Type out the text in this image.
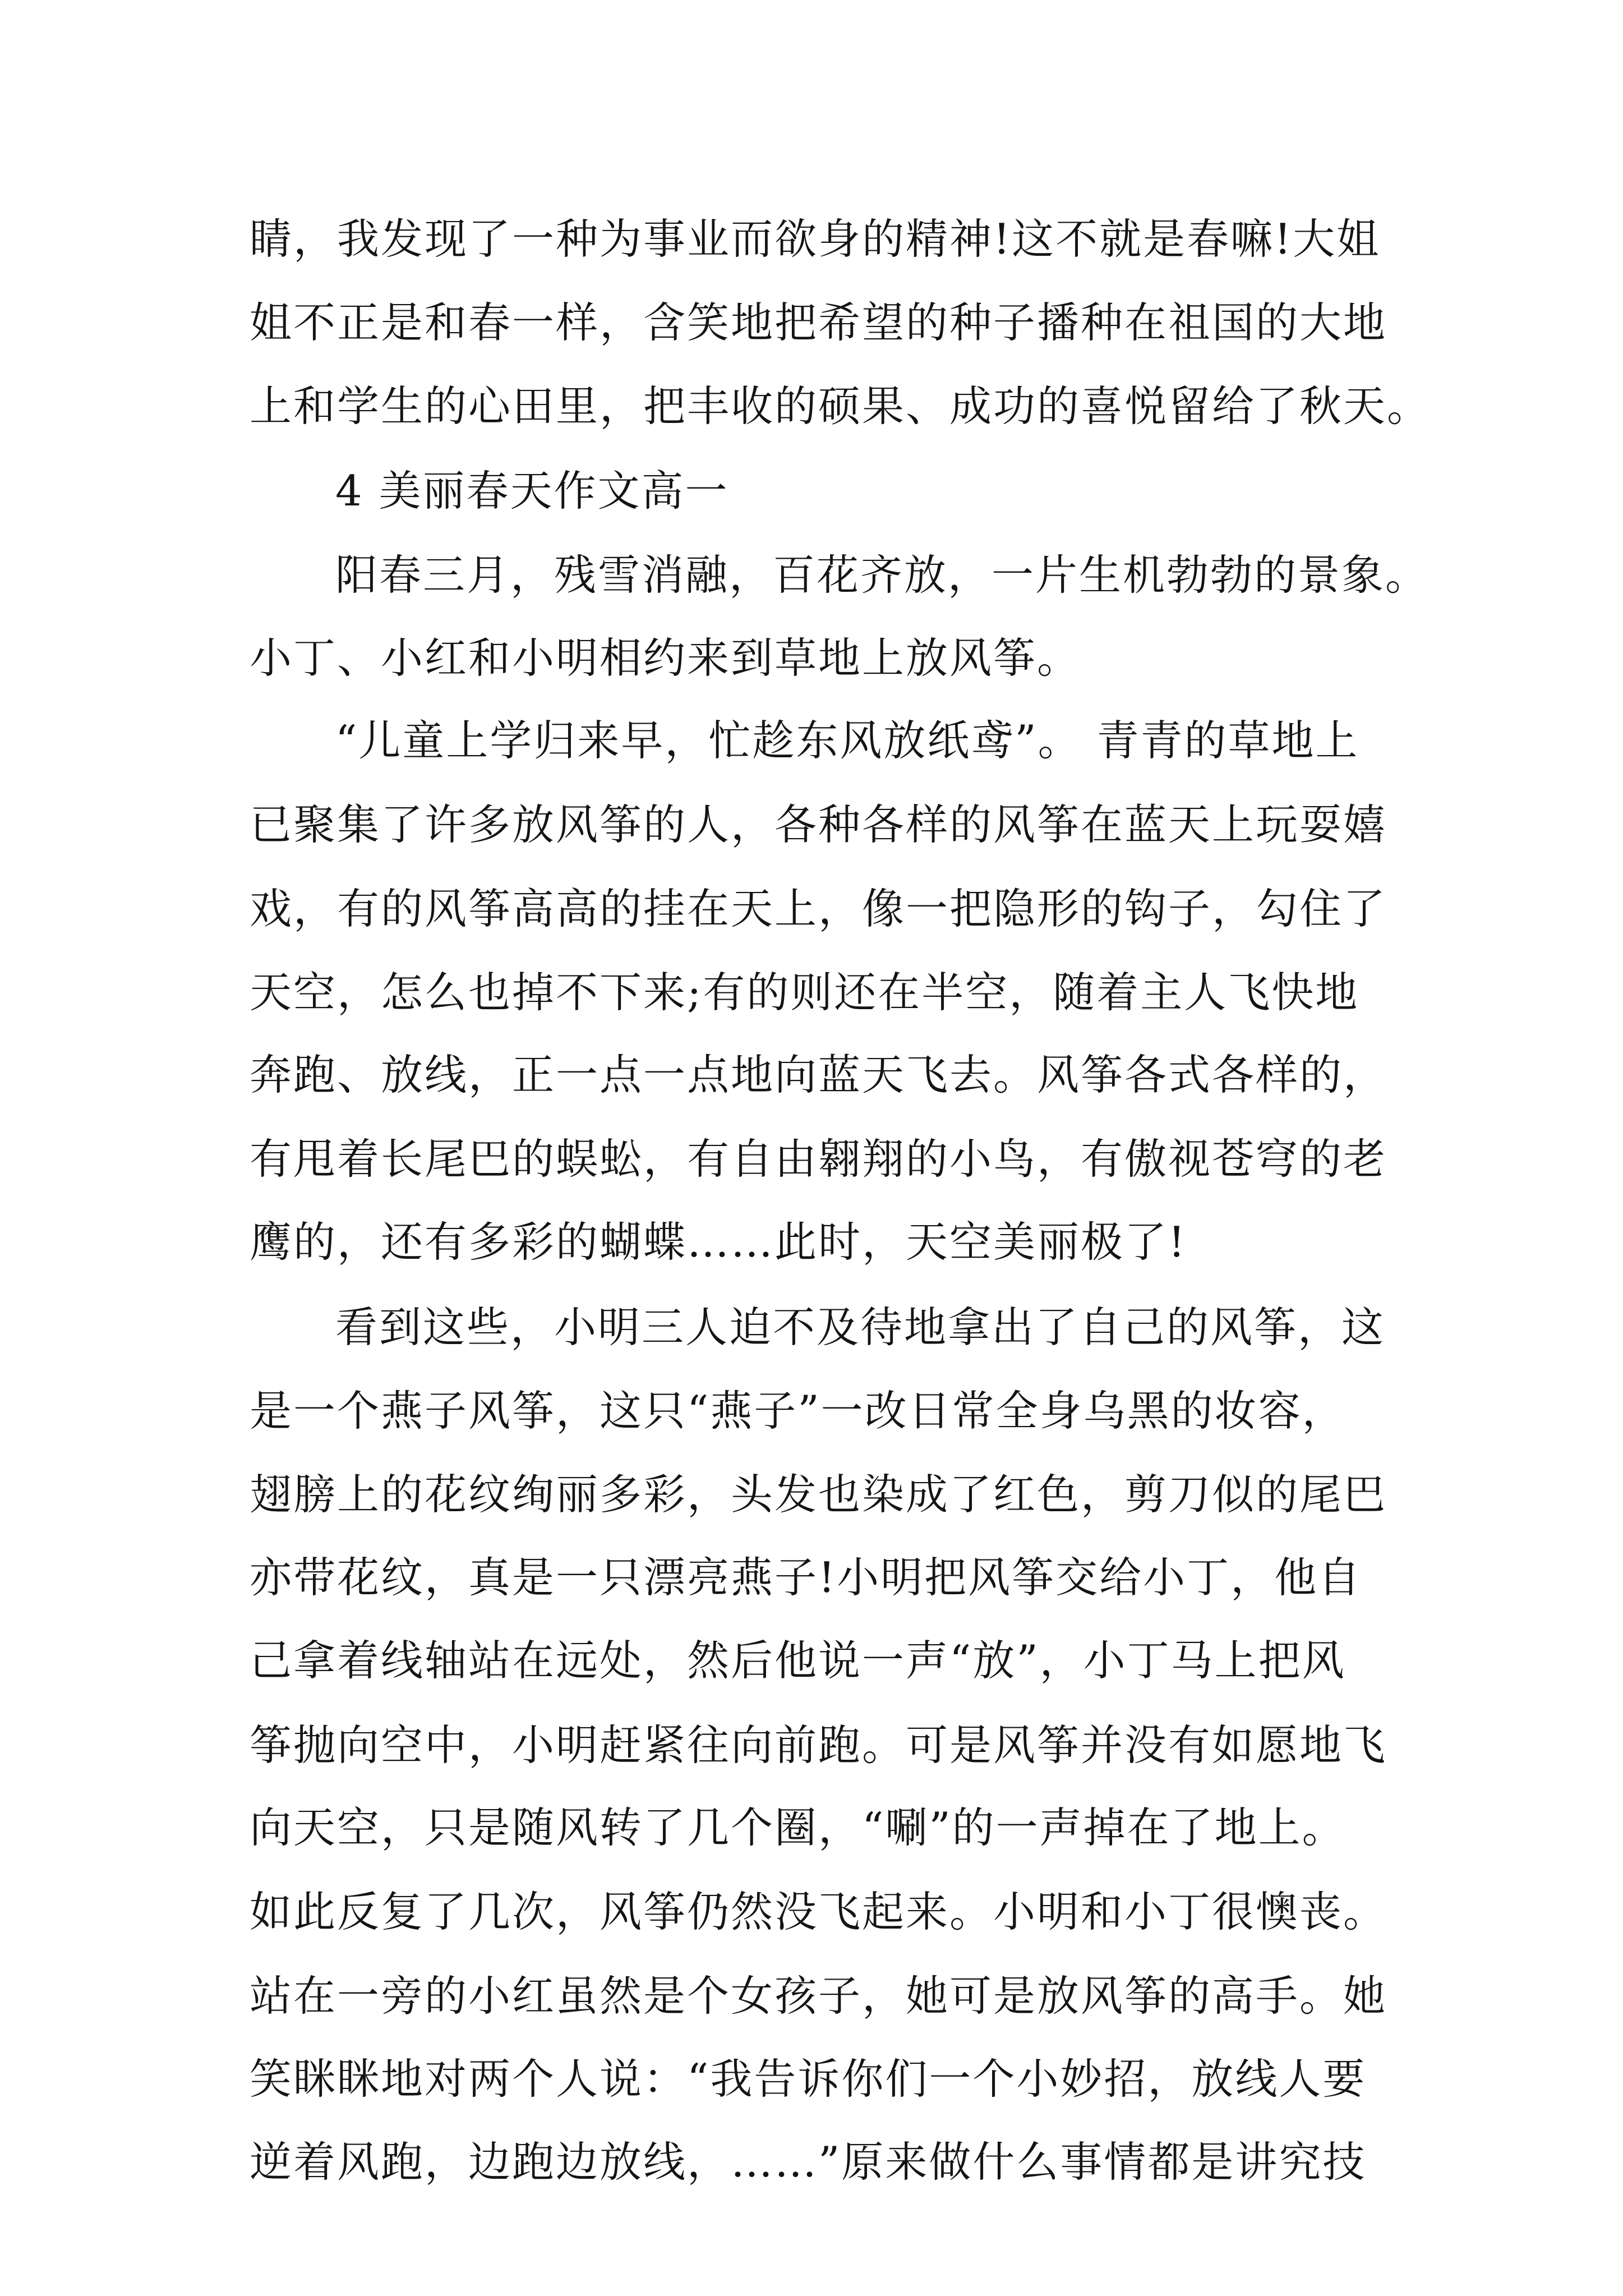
睛，我发现了一种为事业而欲身的精神!这不就是春嘛!大姐
姐不正是和春一样，含笑地把希望的种子播种在祖国的大地
上和学生的心田里，把丰收的硕果、成功的喜悦留给了秋天。
4 美丽春天作文高一
阳春三月，残雪消融，百花齐放，一片生机勃勃的景象。
小丁、小红和小明相约来到草地上放风筝。
“儿童上学归来早，忙趁东风放纸鸢”。 青青的草地上
已聚集了许多放风筝的人，各种各样的风筝在蓝天上玩耍嬉
戏，有的风筝高高的挂在天上，像一把隐形的钩子，勾住了
天空，怎么也掉不下来;有的则还在半空，随着主人飞快地
奔跑、放线，正一点一点地向蓝天飞去。风筝各式各样的，
有甩着长尾巴的蜈蚣，有自由翱翔的小鸟，有傲视苍穹的老
鹰的，还有多彩的蝴蝶……此时，天空美丽极了!
看到这些，小明三人迫不及待地拿出了自己的风筝，这
是一个燕子风筝，这只“燕子”一改日常全身乌黑的妆容，
翅膀上的花纹绚丽多彩，头发也染成了红色，剪刀似的尾巴
亦带花纹，真是一只漂亮燕子!小明把风筝交给小丁，他自
己拿着线轴站在远处，然后他说一声“放”，小丁马上把风
筝抛向空中，小明赶紧往向前跑。可是风筝并没有如愿地飞
向天空，只是随风转了几个圈，“唰”的一声掉在了地上。
如此反复了几次，风筝仍然没飞起来。小明和小丁很懊丧。
站在一旁的小红虽然是个女孩子，她可是放风筝的高手。她
笑眯眯地对两个人说：“我告诉你们一个小妙招，放线人要
逆着风跑，边跑边放线，……”原来做什么事情都是讲究技
